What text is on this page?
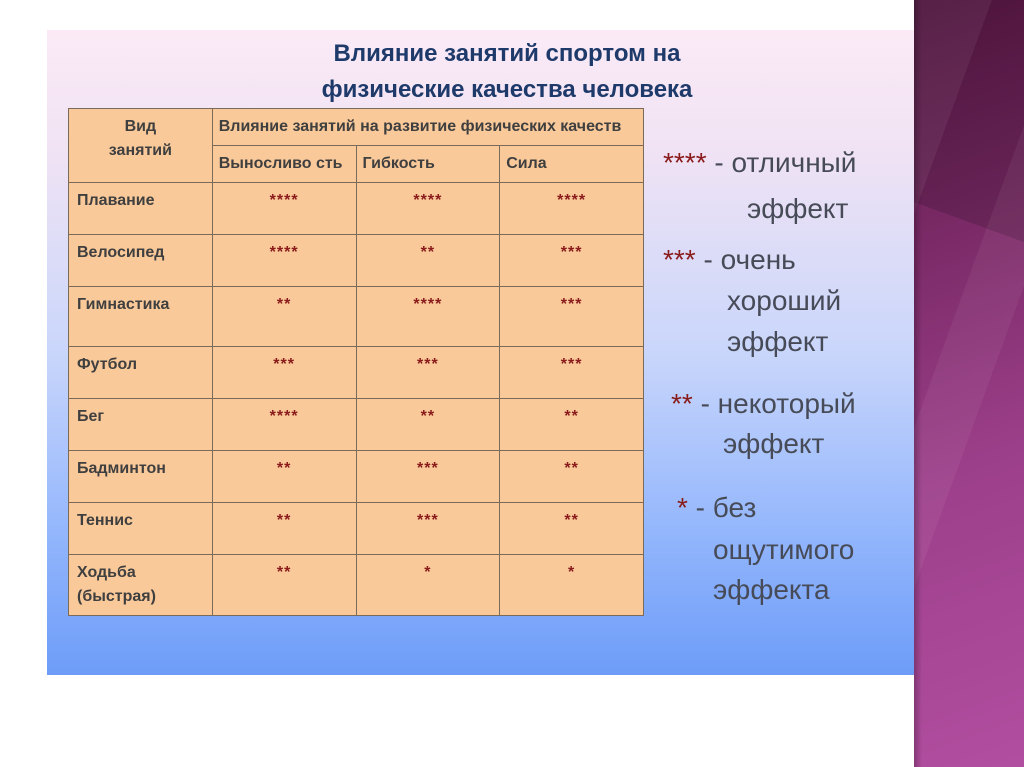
Влияние занятий спортом на
физические качества человека
Вид
занятий	Влияние занятий на развитие физических качеств		
	Выносливо сть	Гибкость	Сила
Плавание	****	****	****
Велосипед	****	**	***
Гимнастика	**	****	***
Футбол	***	***	***
Бег	****	**	**
Бадминтон	**	***	**
Теннис	**	***	**

Ходьба (быстрая)	**	*	*
**** - отличный
эффект
*** - очень
хороший
эффект
** - некоторый
эффект
* - без
ощутимого
эффекта
